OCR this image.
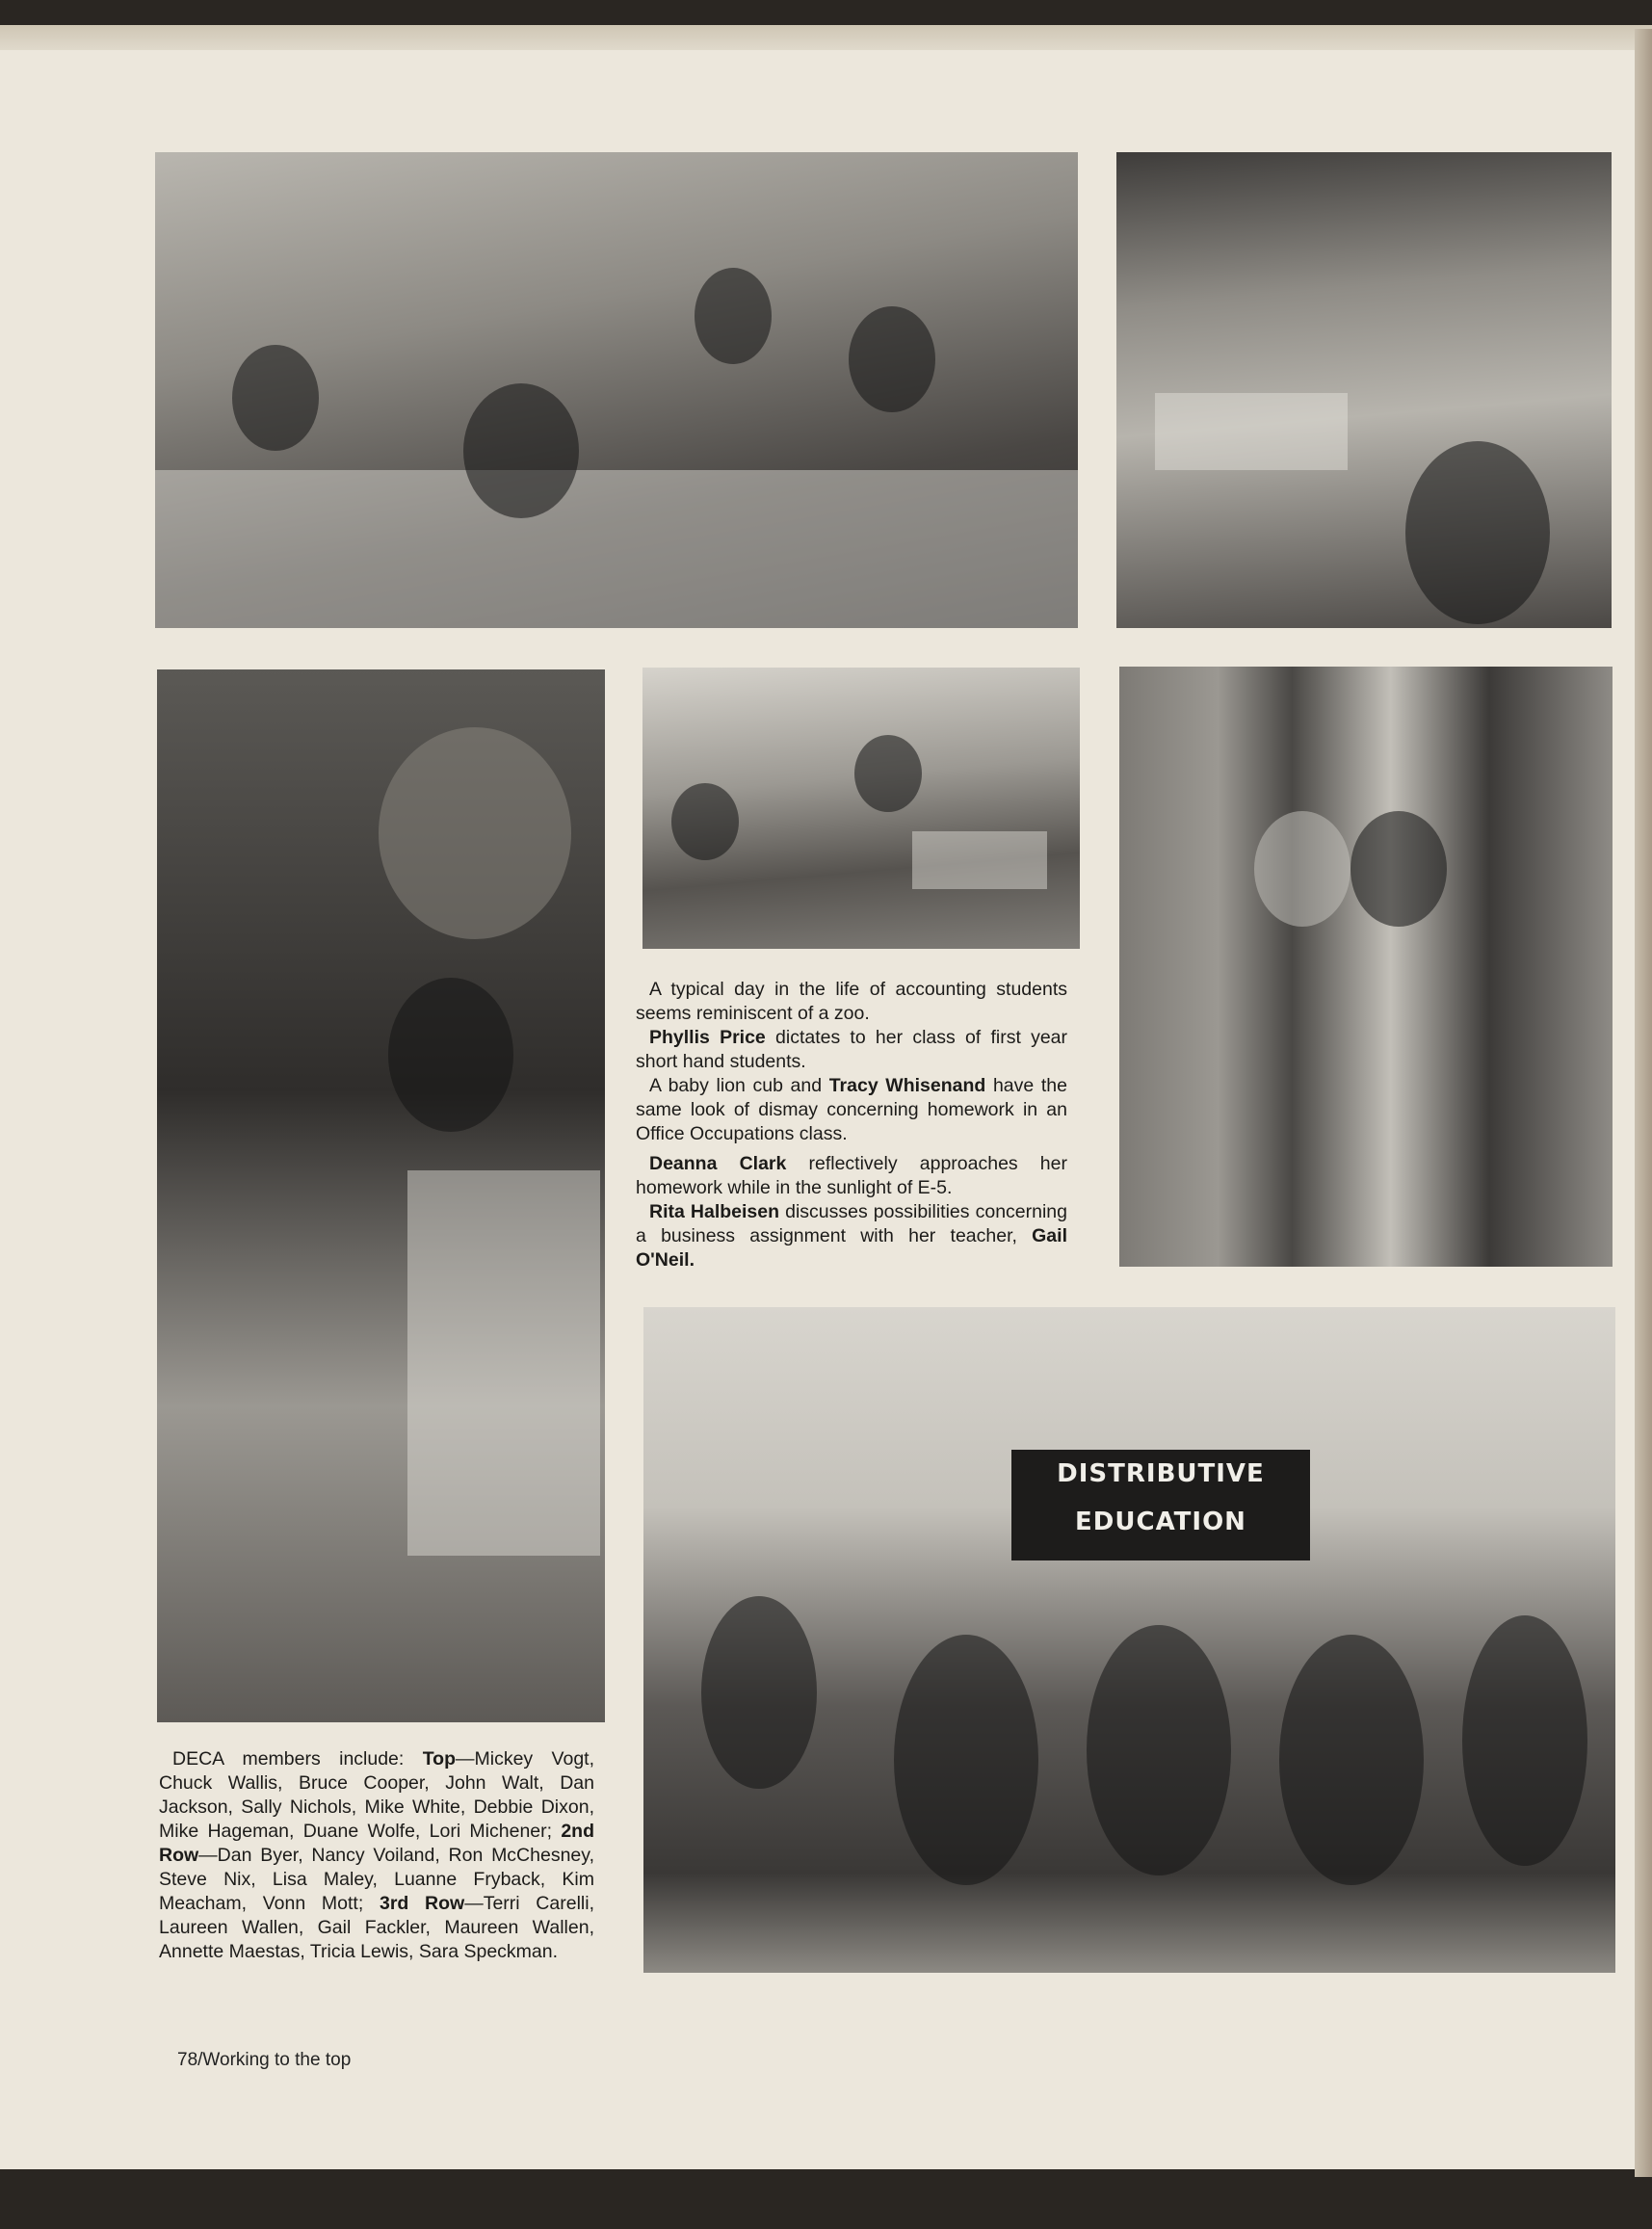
DISTRIBUTIVE EDUCATION

A typical day in the life of accounting students seems reminiscent of a zoo.

Phyllis Price dictates to her class of first year short hand students.

A baby lion cub and Tracy Whisenand have the same look of dismay concerning homework in an Office Occupations class.

Deanna Clark reflectively approaches her homework while in the sunlight of E-5.

Rita Halbeisen discusses possibilities concerning a business assignment with her teacher, Gail O'Neil.

DECA members include: Top—Mickey Vogt, Chuck Wallis, Bruce Cooper, John Walt, Dan Jackson, Sally Nichols, Mike White, Debbie Dixon, Mike Hageman, Duane Wolfe, Lori Michener; 2nd Row—Dan Byer, Nancy Voiland, Ron McChesney, Steve Nix, Lisa Maley, Luanne Fryback, Kim Meacham, Vonn Mott; 3rd Row—Terri Carelli, Laureen Wallen, Gail Fackler, Maureen Wallen, Annette Maestas, Tricia Lewis, Sara Speckman.

78/Working to the top
